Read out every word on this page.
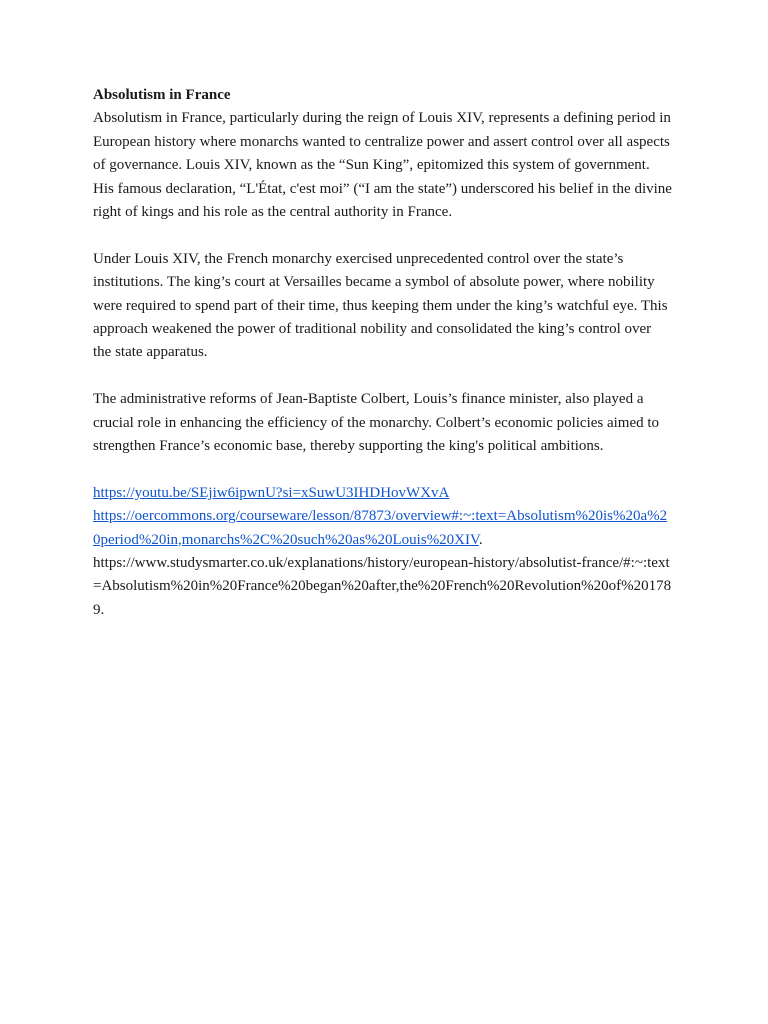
Absolutism in France

Absolutism in France, particularly during the reign of Louis XIV, represents a defining period in European history where monarchs wanted to centralize power and assert control over all aspects of governance. Louis XIV, known as the “Sun King”, epitomized this system of government. His famous declaration, “L'État, c'est moi” (“I am the state”) underscored his belief in the divine right of kings and his role as the central authority in France.

Under Louis XIV, the French monarchy exercised unprecedented control over the state’s institutions. The king’s court at Versailles became a symbol of absolute power, where nobility were required to spend part of their time, thus keeping them under the king’s watchful eye. This approach weakened the power of traditional nobility and consolidated the king’s control over the state apparatus.

The administrative reforms of Jean-Baptiste Colbert, Louis’s finance minister, also played a crucial role in enhancing the efficiency of the monarchy. Colbert’s economic policies aimed to strengthen France’s economic base, thereby supporting the king's political ambitions.

https://youtu.be/SEjiw6ipwnU?si=xSuwU3IHDHovWXvA
https://oercommons.org/courseware/lesson/87873/overview#:~:text=Absolutism%20is%20a%20period%20in,monarchs%2C%20such%20as%20Louis%20XIV.
https://www.studysmarter.co.uk/explanations/history/european-history/absolutist-france/#:~:text=Absolutism%20in%20France%20began%20after,the%20French%20Revolution%20of%201789.
